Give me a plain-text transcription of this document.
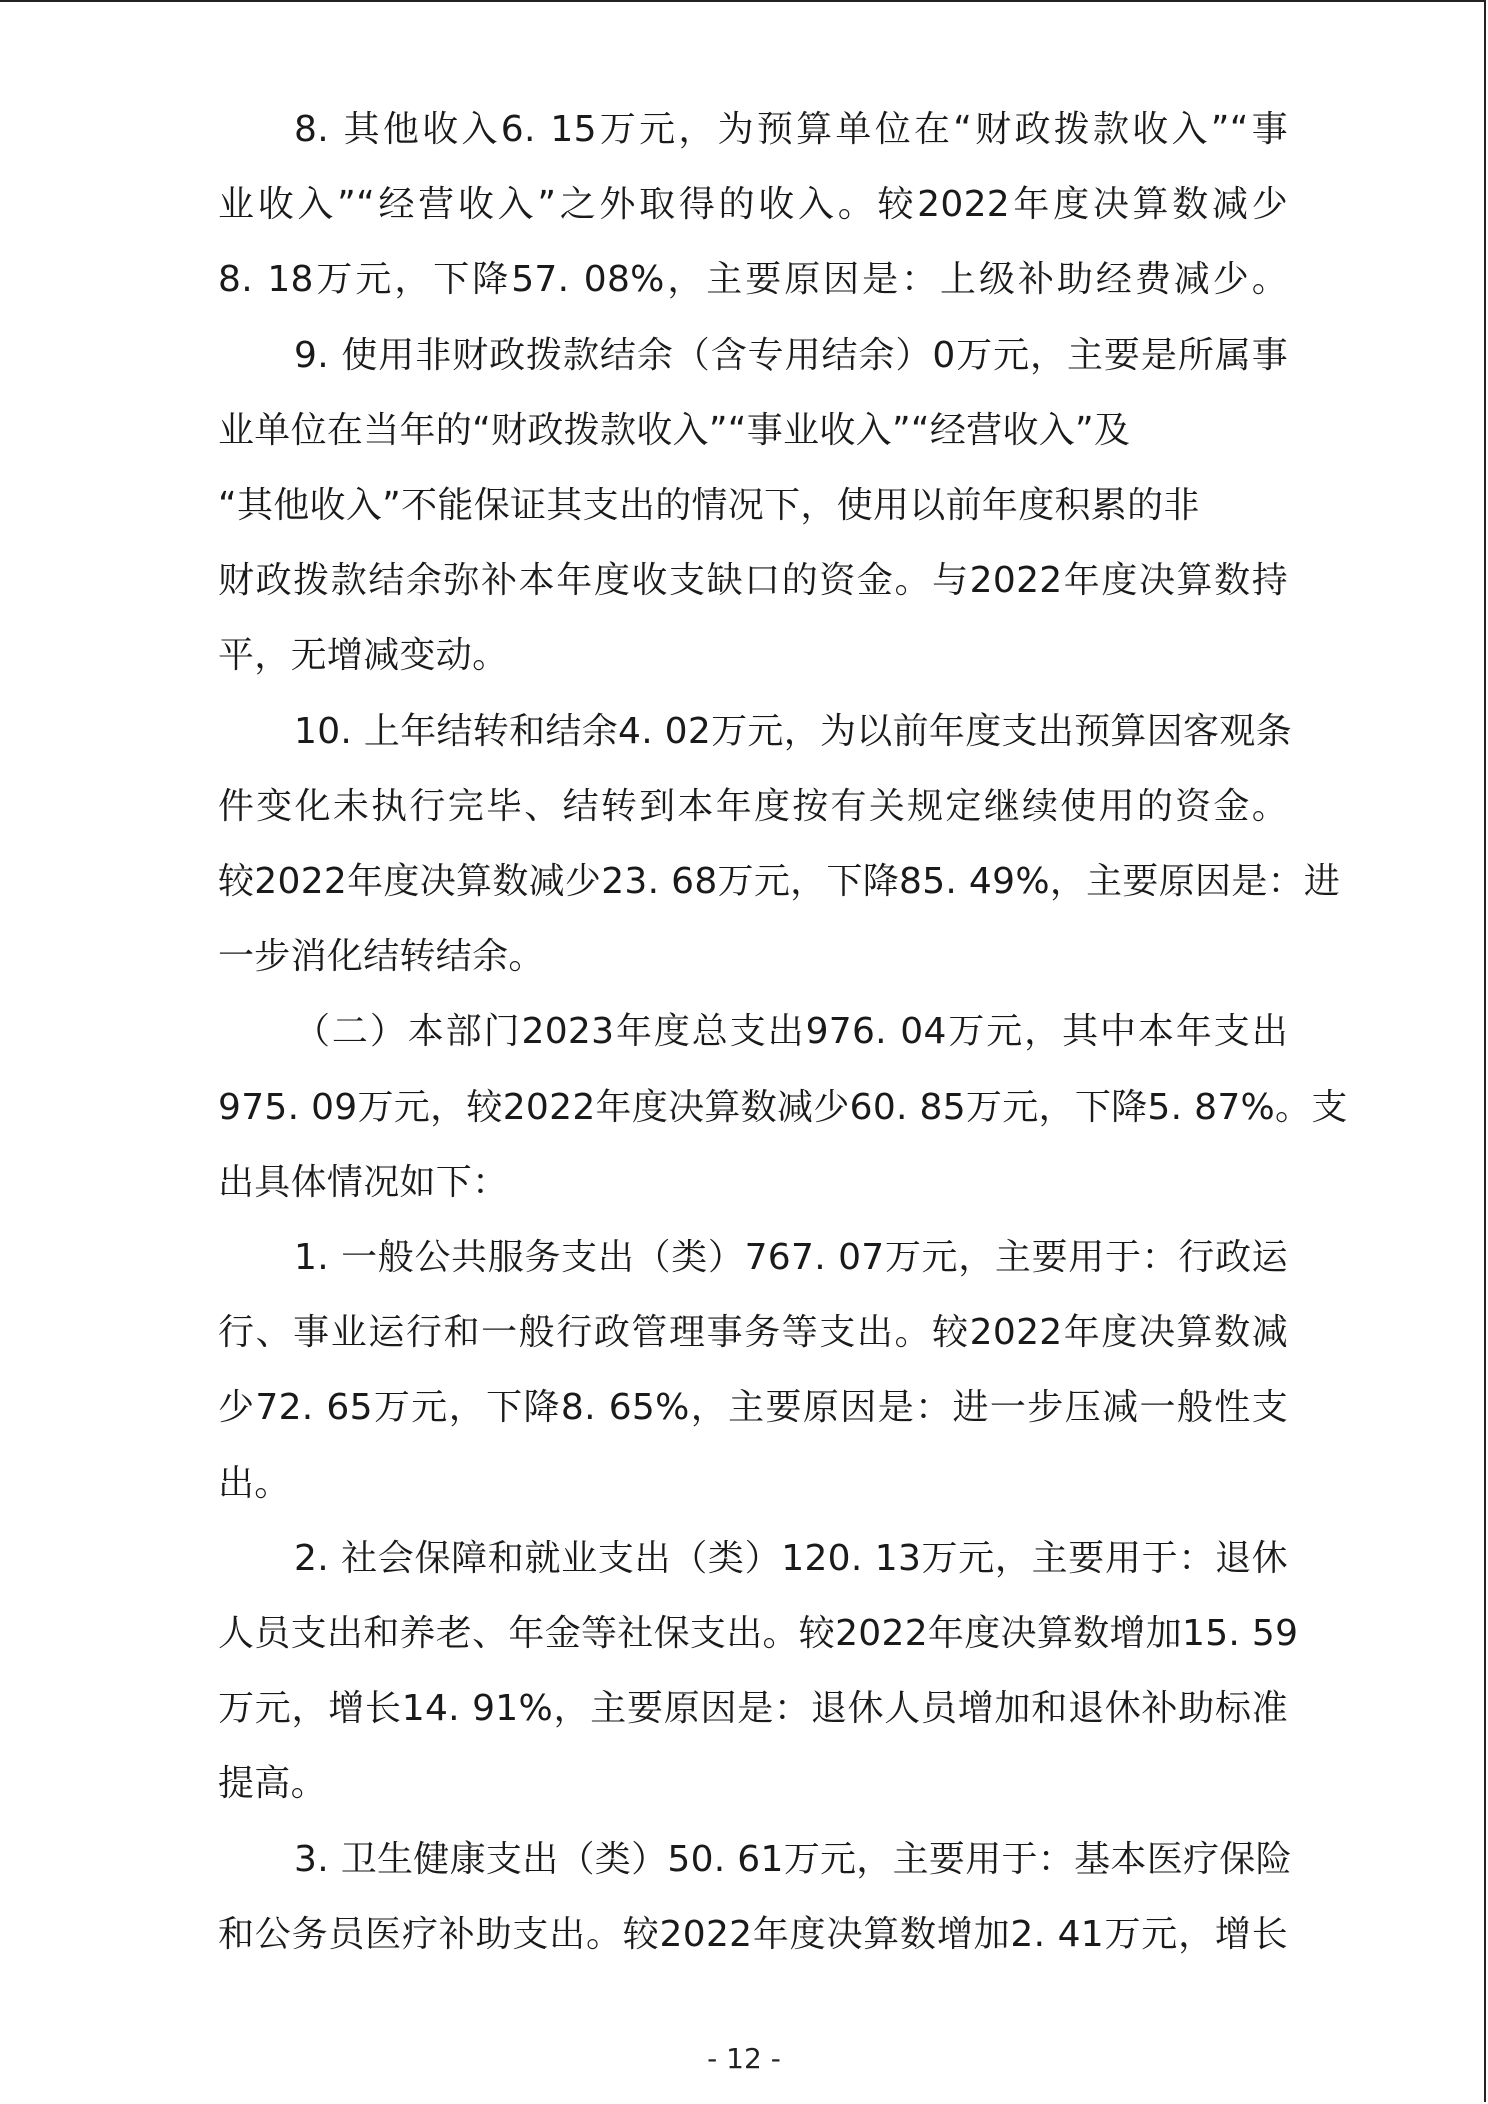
8. 其他收入6. 15万元，为预算单位在“财政拨款收入”“事
业收入”“经营收入”之外取得的收入。较2022年度决算数减少
8. 18万元，下降57. 08%，主要原因是：上级补助经费减少。

9. 使用非财政拨款结余（含专用结余）0万元，主要是所属事
业单位在当年的“财政拨款收入”“事业收入”“经营收入”及
“其他收入”不能保证其支出的情况下，使用以前年度积累的非
财政拨款结余弥补本年度收支缺口的资金。与2022年度决算数持
平，无增减变动。

10. 上年结转和结余4. 02万元，为以前年度支出预算因客观条
件变化未执行完毕、结转到本年度按有关规定继续使用的资金。
较2022年度决算数减少23. 68万元，下降85. 49%，主要原因是：进
一步消化结转结余。

（二）本部门2023年度总支出976. 04万元，其中本年支出
975. 09万元，较2022年度决算数减少60. 85万元，下降5. 87%。支
出具体情况如下：

1. 一般公共服务支出（类）767. 07万元，主要用于：行政运
行、事业运行和一般行政管理事务等支出。较2022年度决算数减
少72. 65万元，下降8. 65%，主要原因是：进一步压减一般性支
出。

2. 社会保障和就业支出（类）120. 13万元，主要用于：退休
人员支出和养老、年金等社保支出。较2022年度决算数增加15. 59
万元，增长14. 91%，主要原因是：退休人员增加和退休补助标准
提高。

3. 卫生健康支出（类）50. 61万元，主要用于：基本医疗保险
和公务员医疗补助支出。较2022年度决算数增加2. 41万元，增长

- 12 -
